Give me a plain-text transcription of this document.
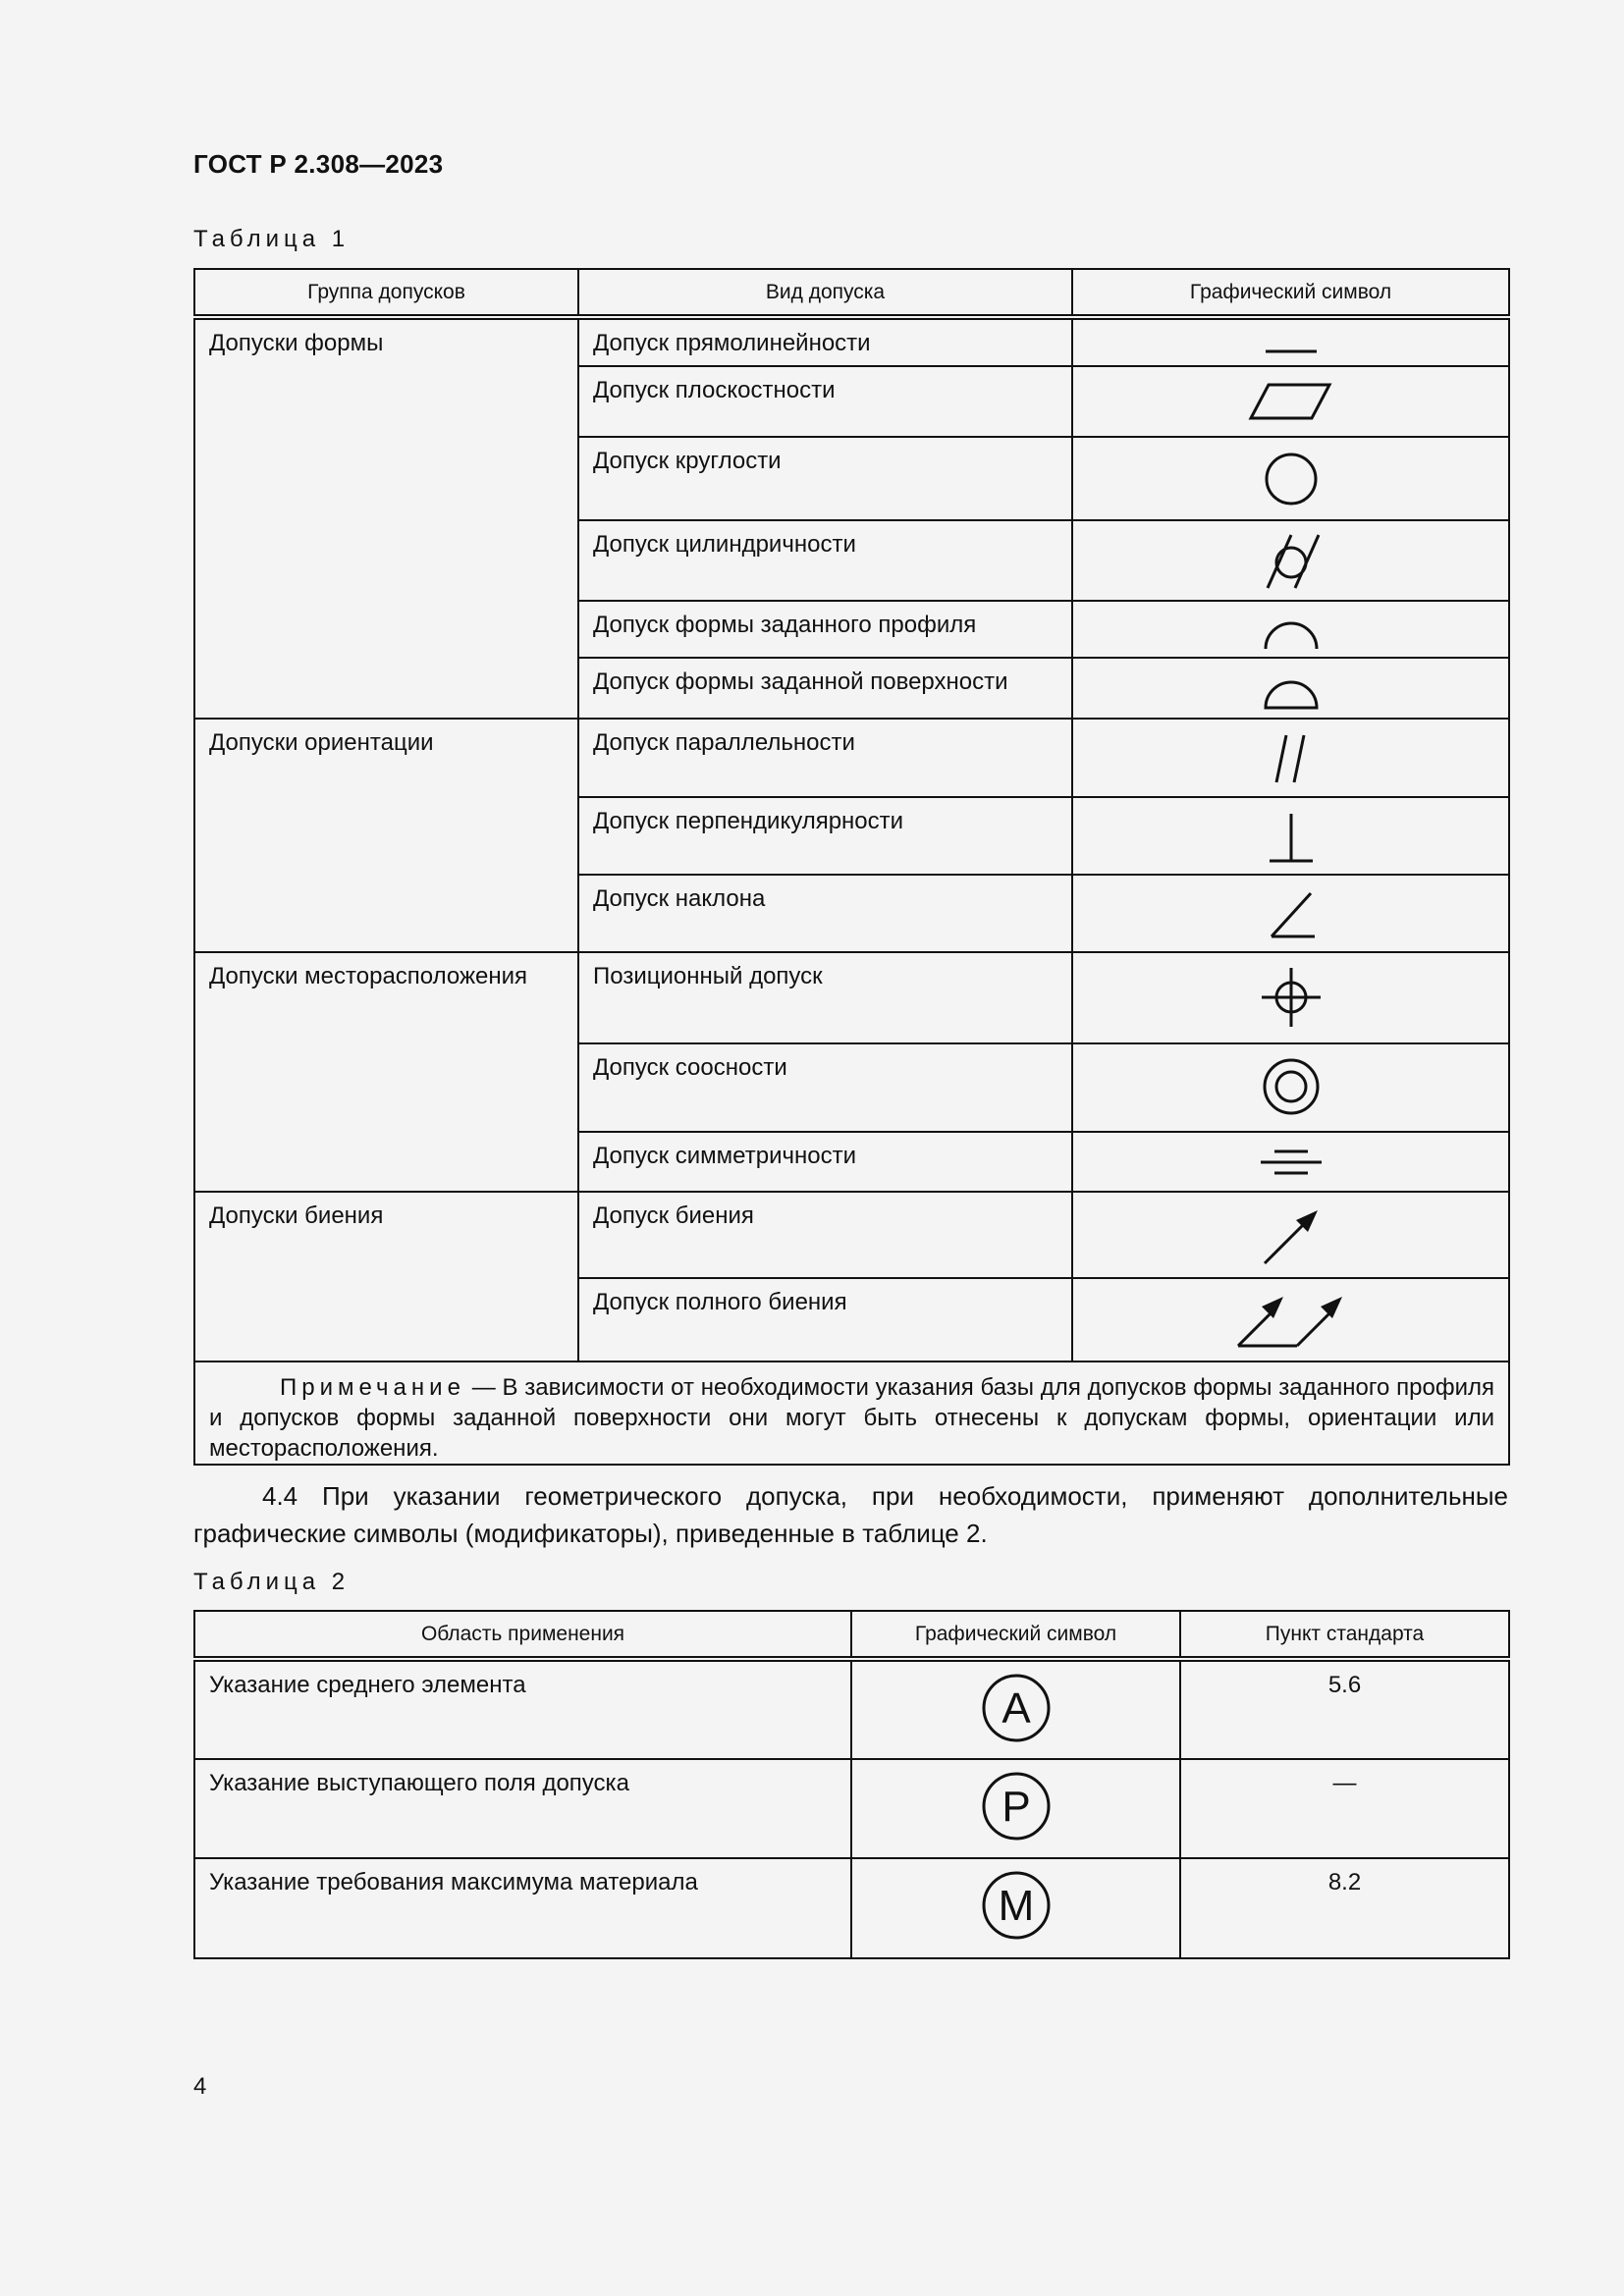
ГОСТ Р 2.308—2023
Таблица 1
Группа допусков	Вид допуска	Графический символ
Допуски формы	Допуск прямолинейности	

	Допуск плоскостности	

	Допуск круглости	

	Допуск цилиндричности	

	Допуск формы заданного профиля	

	Допуск формы заданной поверхности	

Допуски ориентации	Допуск параллельности	

	Допуск перпендикулярности	

	Допуск наклона	

Допуски месторасположения	Позиционный допуск	

	Допуск соосности	

	Допуск симметричности	

Допуски биения	Допуск биения	

	Допуск полного биения	

Примечание — В зависимости от необходимости указания базы для допусков формы заданного профиля и допусков формы заданной поверхности они могут быть отнесены к допускам формы, ориентации или месторасположения.		
4.4 При указании геометрического допуска, при необходимости, применяют дополнительные графические символы (модификаторы), приведенные в таблице 2.
Таблица 2
Область применения	Графический символ	Пункт стандарта
Указание среднего элемента	A	5.6
Указание выступающего поля допуска	P	—
Указание требования максимума материала	M	8.2
4
